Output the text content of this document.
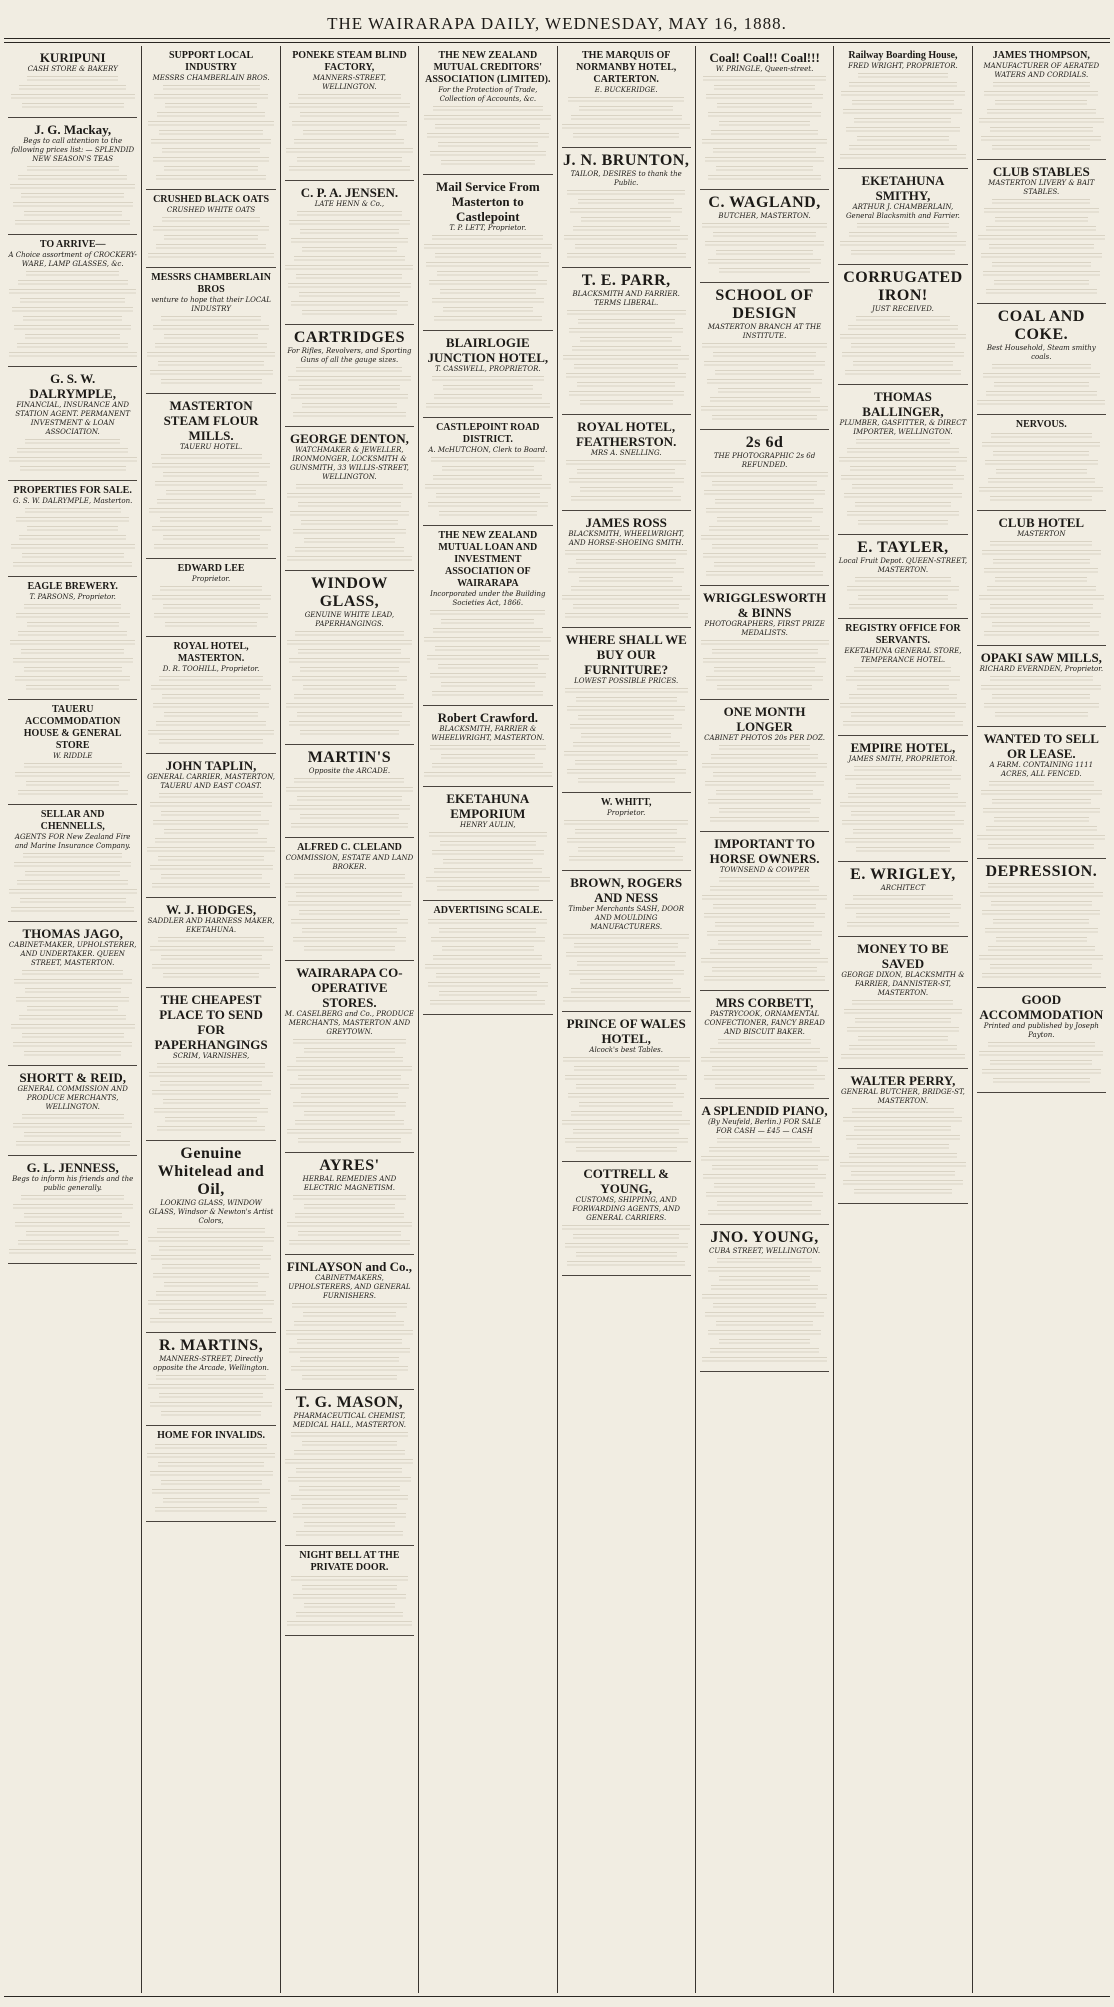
THE WAIRARAPA DAILY, WEDNESDAY, MAY 16, 1888.
KURIPUNI
CASH STORE & BAKERY
J. G. Mackay,
Begs to call attention to the following prices list: — SPLENDID NEW SEASON'S TEAS
TO ARRIVE—
A Choice assortment of CROCKERY-WARE, LAMP GLASSES, &c.
G. S. W. DALRYMPLE,
FINANCIAL, INSURANCE AND STATION AGENT. PERMANENT INVESTMENT & LOAN ASSOCIATION.
PROPERTIES FOR SALE.
G. S. W. DALRYMPLE, Masterton.
EAGLE BREWERY.
T. PARSONS, Proprietor.
TAUERU ACCOMMODATION HOUSE & GENERAL STORE
W. RIDDLE
SELLAR AND CHENNELLS,
AGENTS FOR New Zealand Fire and Marine Insurance Company.
THOMAS JAGO,
CABINET-MAKER, UPHOLSTERER, AND UNDERTAKER. QUEEN STREET, MASTERTON.
SHORTT & REID,
GENERAL COMMISSION AND PRODUCE MERCHANTS, WELLINGTON.
G. L. JENNESS,
Begs to inform his friends and the public generally.
SUPPORT LOCAL INDUSTRY
MESSRS CHAMBERLAIN BROS.
CRUSHED BLACK OATS
CRUSHED WHITE OATS
MESSRS CHAMBERLAIN BROS
venture to hope that their LOCAL INDUSTRY
MASTERTON STEAM FLOUR MILLS.
TAUERU HOTEL.
EDWARD LEE
Proprietor.
ROYAL HOTEL, MASTERTON.
D. R. TOOHILL, Proprietor.
JOHN TAPLIN,
GENERAL CARRIER, MASTERTON, TAUERU AND EAST COAST.
W. J. HODGES,
SADDLER AND HARNESS MAKER, EKETAHUNA.
THE CHEAPEST PLACE TO SEND FOR PAPERHANGINGS
SCRIM, VARNISHES,
Genuine Whitelead and Oil,
LOOKING GLASS, WINDOW GLASS, Windsor & Newton's Artist Colors,
R. MARTINS,
MANNERS-STREET, Directly opposite the Arcade, Wellington.
HOME FOR INVALIDS.
PONEKE STEAM BLIND FACTORY,
MANNERS-STREET, WELLINGTON.
C. P. A. JENSEN.
LATE HENN & Co.,
CARTRIDGES
For Rifles, Revolvers, and Sporting Guns of all the gauge sizes.
GEORGE DENTON,
WATCHMAKER & JEWELLER, IRONMONGER, LOCKSMITH & GUNSMITH, 33 WILLIS-STREET, WELLINGTON.
WINDOW GLASS,
GENUINE WHITE LEAD, PAPERHANGINGS.
MARTIN'S
Opposite the ARCADE.
ALFRED C. CLELAND
COMMISSION, ESTATE AND LAND BROKER.
WAIRARAPA CO-OPERATIVE STORES.
M. CASELBERG and Co., PRODUCE MERCHANTS, MASTERTON AND GREYTOWN.
AYRES'
HERBAL REMEDIES AND ELECTRIC MAGNETISM.
FINLAYSON and Co.,
CABINETMAKERS, UPHOLSTERERS, AND GENERAL FURNISHERS.
T. G. MASON,
PHARMACEUTICAL CHEMIST, MEDICAL HALL, MASTERTON.
NIGHT BELL AT THE PRIVATE DOOR.
THE NEW ZEALAND MUTUAL CREDITORS' ASSOCIATION (LIMITED).
For the Protection of Trade, Collection of Accounts, &c.
Mail Service From Masterton to Castlepoint
T. P. LETT, Proprietor.
BLAIRLOGIE JUNCTION HOTEL,
T. CASSWELL, PROPRIETOR.
CASTLEPOINT ROAD DISTRICT.
A. McHUTCHON, Clerk to Board.
THE NEW ZEALAND MUTUAL LOAN AND INVESTMENT ASSOCIATION OF WAIRARAPA
Incorporated under the Building Societies Act, 1866.
Robert Crawford.
BLACKSMITH, FARRIER & WHEELWRIGHT, MASTERTON.
EKETAHUNA EMPORIUM
HENRY AULIN,
ADVERTISING SCALE.
THE MARQUIS OF NORMANBY HOTEL, CARTERTON.
E. BUCKERIDGE.
J. N. BRUNTON,
TAILOR, DESIRES to thank the Public.
T. E. PARR,
BLACKSMITH AND FARRIER. TERMS LIBERAL.
ROYAL HOTEL, FEATHERSTON.
MRS A. SNELLING.
JAMES ROSS
BLACKSMITH, WHEELWRIGHT, AND HORSE-SHOEING SMITH.
WHERE SHALL WE BUY OUR FURNITURE?
LOWEST POSSIBLE PRICES.
W. WHITT,
Proprietor.
BROWN, ROGERS AND NESS
Timber Merchants SASH, DOOR AND MOULDING MANUFACTURERS.
PRINCE OF WALES HOTEL,
Alcock's best Tables.
COTTRELL & YOUNG,
CUSTOMS, SHIPPING, AND FORWARDING AGENTS, AND GENERAL CARRIERS.
Coal! Coal!! Coal!!!
W. PRINGLE, Queen-street.
C. WAGLAND,
BUTCHER, MASTERTON.
SCHOOL OF DESIGN
MASTERTON BRANCH AT THE INSTITUTE.
2s 6d
THE PHOTOGRAPHIC 2s 6d REFUNDED.
WRIGGLESWORTH & BINNS
PHOTOGRAPHERS, FIRST PRIZE MEDALISTS.
ONE MONTH LONGER
CABINET PHOTOS 20s PER DOZ.
IMPORTANT TO HORSE OWNERS.
TOWNSEND & COWPER
MRS CORBETT,
PASTRYCOOK, ORNAMENTAL CONFECTIONER, FANCY BREAD AND BISCUIT BAKER.
A SPLENDID PIANO,
(By Neufeld, Berlin.) FOR SALE FOR CASH — £45 — CASH
JNO. YOUNG,
CUBA STREET, WELLINGTON.
Railway Boarding House,
FRED WRIGHT, PROPRIETOR.
EKETAHUNA SMITHY,
ARTHUR J. CHAMBERLAIN, General Blacksmith and Farrier.
CORRUGATED IRON!
JUST RECEIVED.
THOMAS BALLINGER,
PLUMBER, GASFITTER, & DIRECT IMPORTER, WELLINGTON.
E. TAYLER,
Local Fruit Depot. QUEEN-STREET, MASTERTON.
REGISTRY OFFICE FOR SERVANTS.
EKETAHUNA GENERAL STORE, TEMPERANCE HOTEL.
EMPIRE HOTEL,
JAMES SMITH, PROPRIETOR.
E. WRIGLEY,
ARCHITECT
MONEY TO BE SAVED
GEORGE DIXON, BLACKSMITH & FARRIER, DANNISTER-ST, MASTERTON.
WALTER PERRY,
GENERAL BUTCHER, BRIDGE-ST, MASTERTON.
JAMES THOMPSON,
MANUFACTURER OF AERATED WATERS AND CORDIALS.
CLUB STABLES
MASTERTON LIVERY & BAIT STABLES.
COAL AND COKE.
Best Household, Steam smithy coals.
NERVOUS.
CLUB HOTEL
MASTERTON
OPAKI SAW MILLS,
RICHARD EVERNDEN, Proprietor.
WANTED TO SELL OR LEASE.
A FARM. CONTAINING 1111 ACRES, ALL FENCED.
DEPRESSION.
GOOD ACCOMMODATION
Printed and published by Joseph Payton.
